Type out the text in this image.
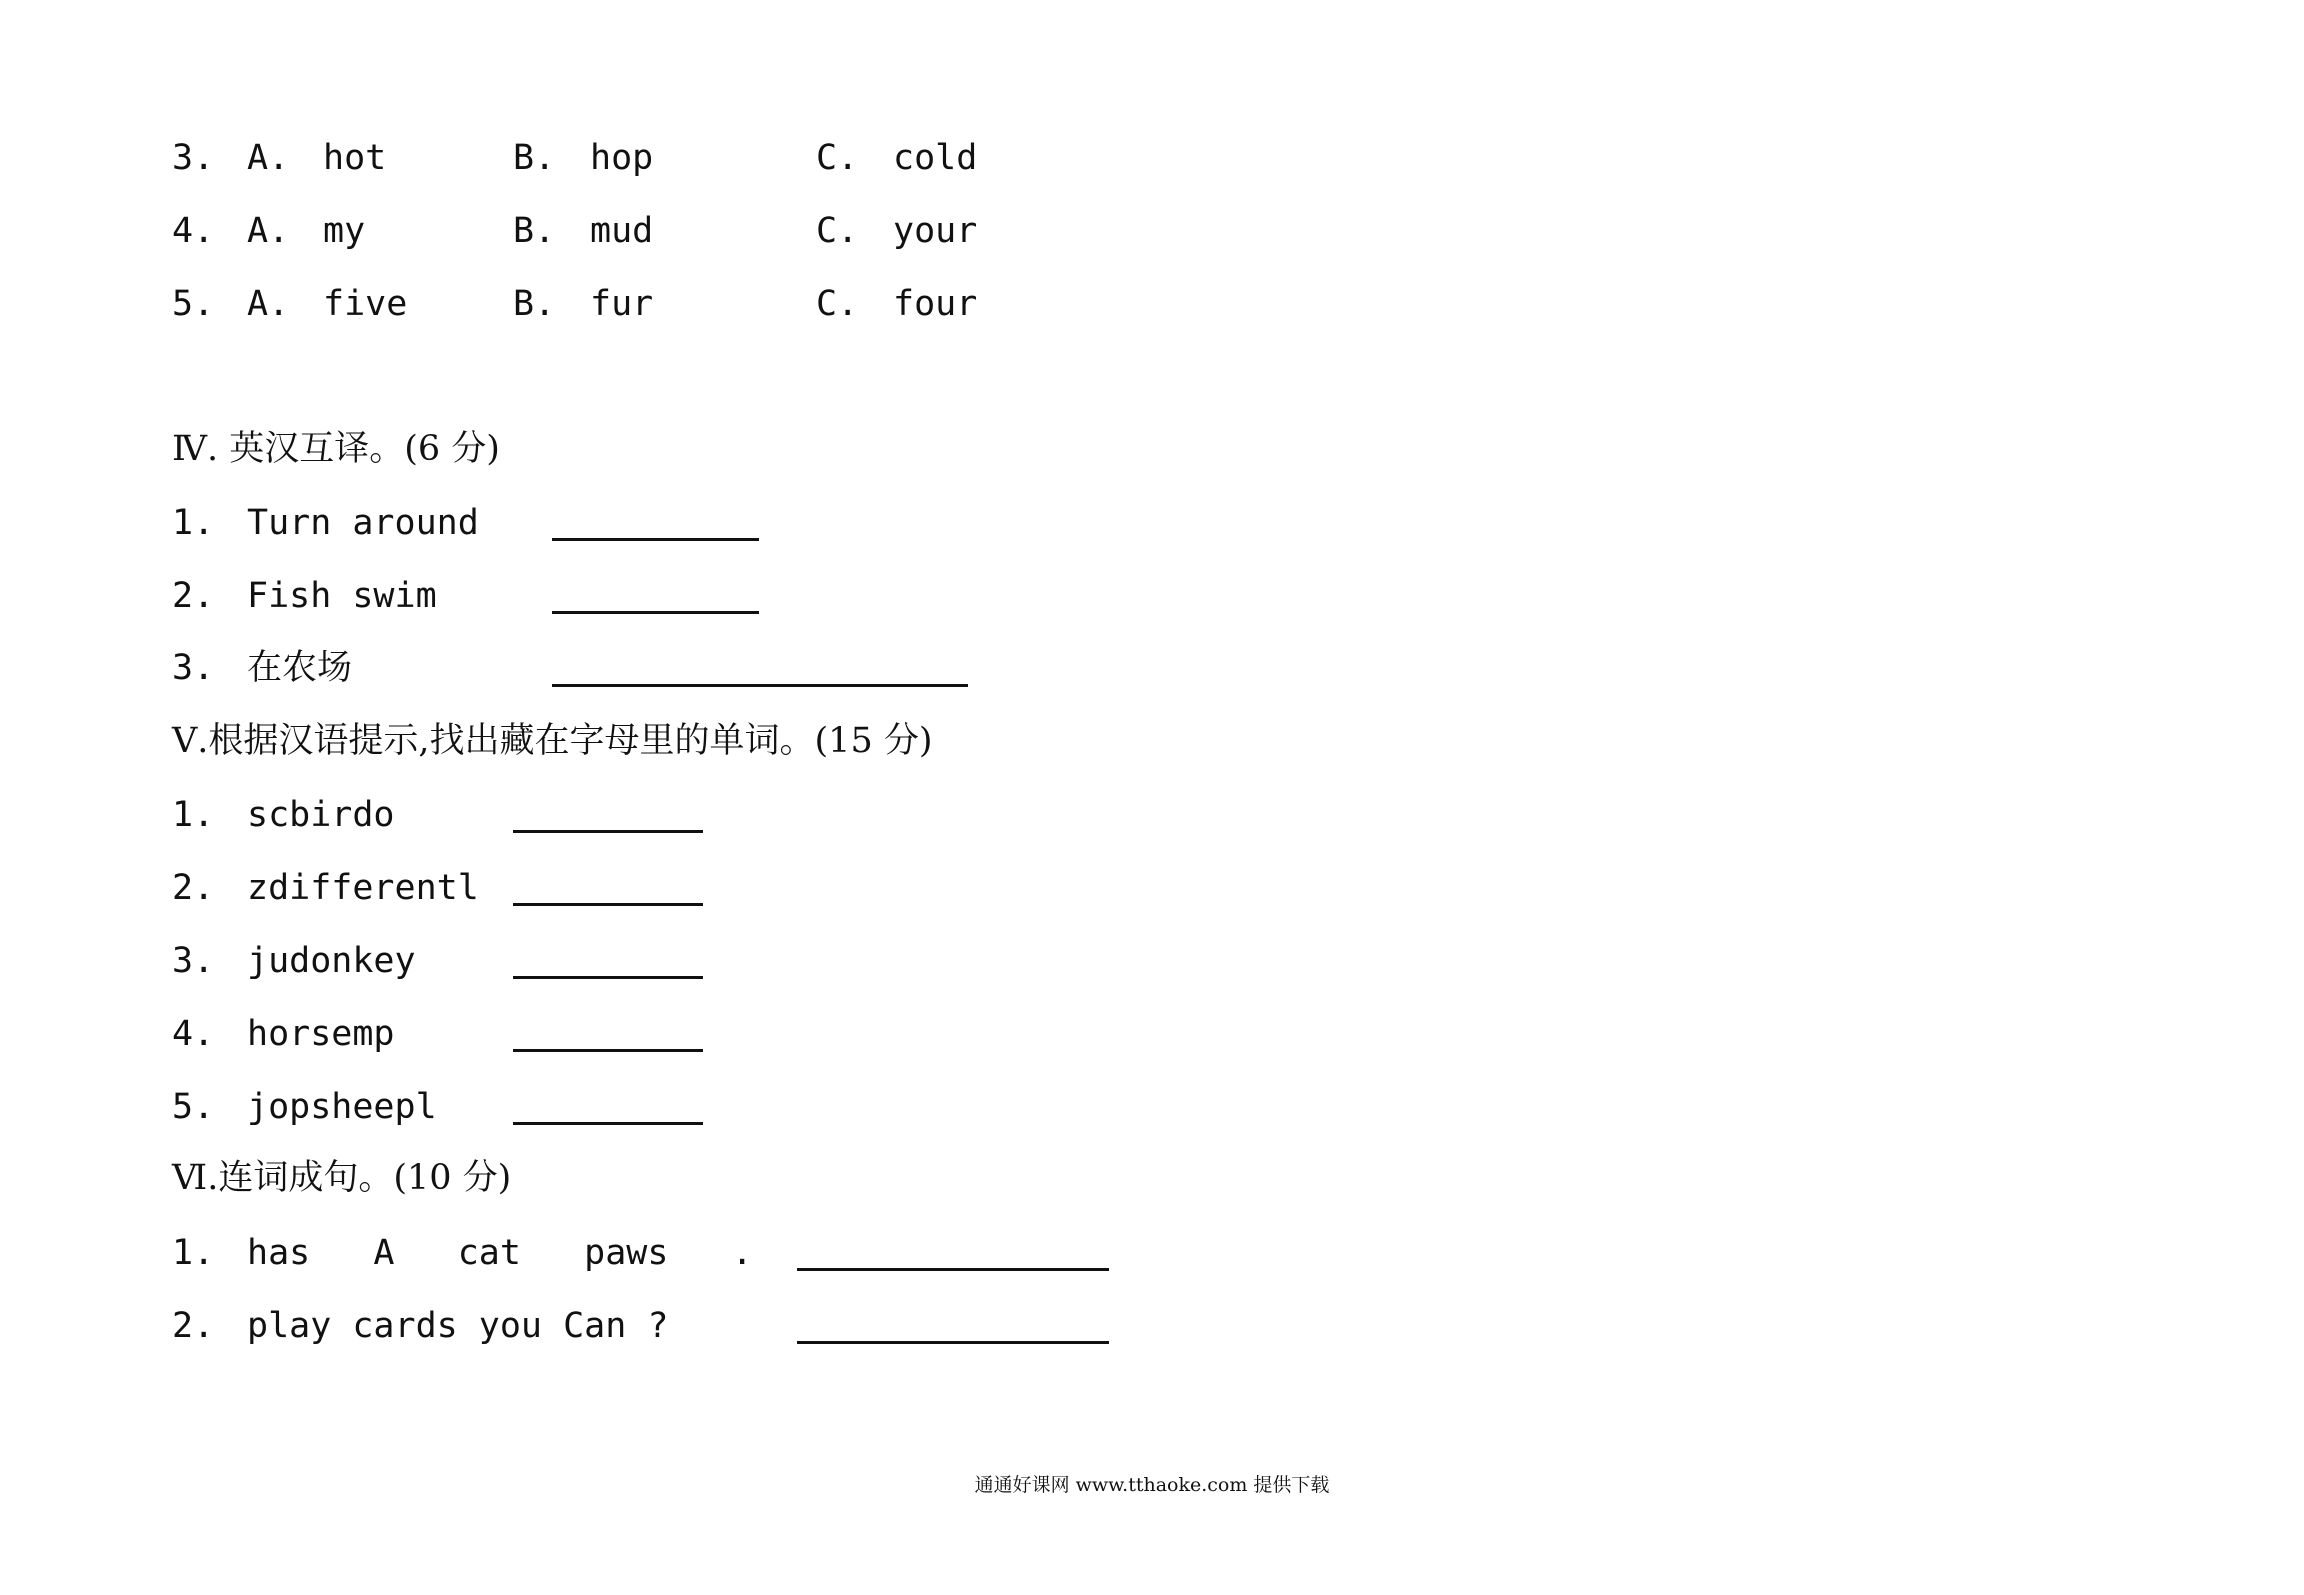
3. A. hot	B. hop	C. cold
4. A. my	B. mud	C. your
5. A. five	B. fur	C. four
Ⅳ. 英汉互译。(6 分)
1. Turn around
2. Fish swim
3. 在农场
Ⅴ.根据汉语提示,找出藏在字母里的单词。(15 分)
1. scbirdo
2. zdifferentl
3. judonkey
4. horsemp
5. jopsheepl
Ⅵ.连词成句。(10 分)
1. has   A   cat   paws   .
2. play cards you Can ?
通通好课网 www.tthaoke.com 提供下载
